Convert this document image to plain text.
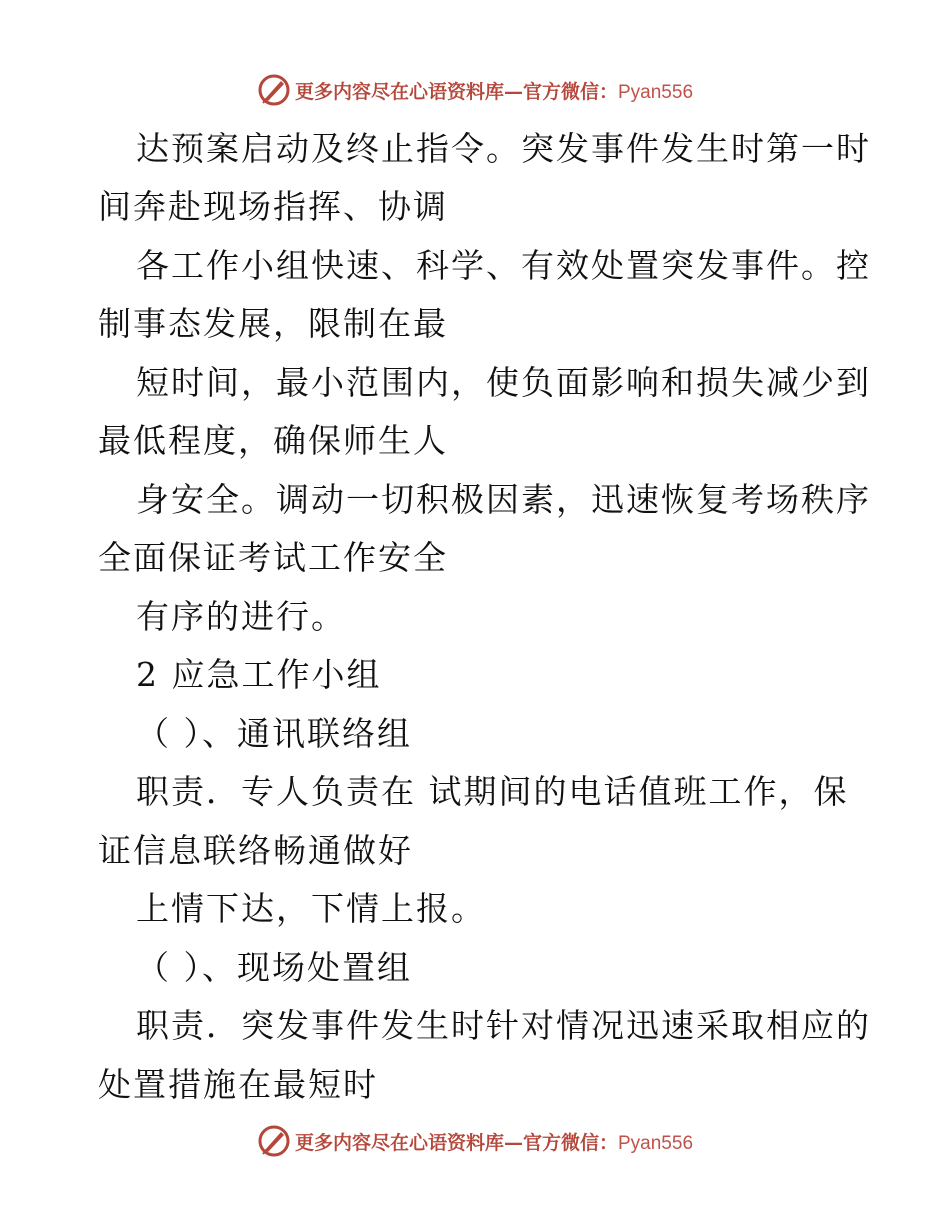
更多内容尽在心语资料库—官方微信：Pyan556
达预案启动及终止指令。突发事件发生时第一时
间奔赴现场指挥、协调
各工作小组快速、科学、有效处置突发事件。控
制事态发展，限制在最
短时间，最小范围内，使负面影响和损失减少到
最低程度，确保师生人
身安全。调动一切积极因素，迅速恢复考场秩序
全面保证考试工作安全
有序的进行。
2 应急工作小组
（ ）、通讯联络组
职责．专人负责在 试期间的电话值班工作，保
证信息联络畅通做好
上情下达，下情上报。
（ ）、现场处置组
职责．突发事件发生时针对情况迅速采取相应的
处置措施在最短时
更多内容尽在心语资料库—官方微信：Pyan556
